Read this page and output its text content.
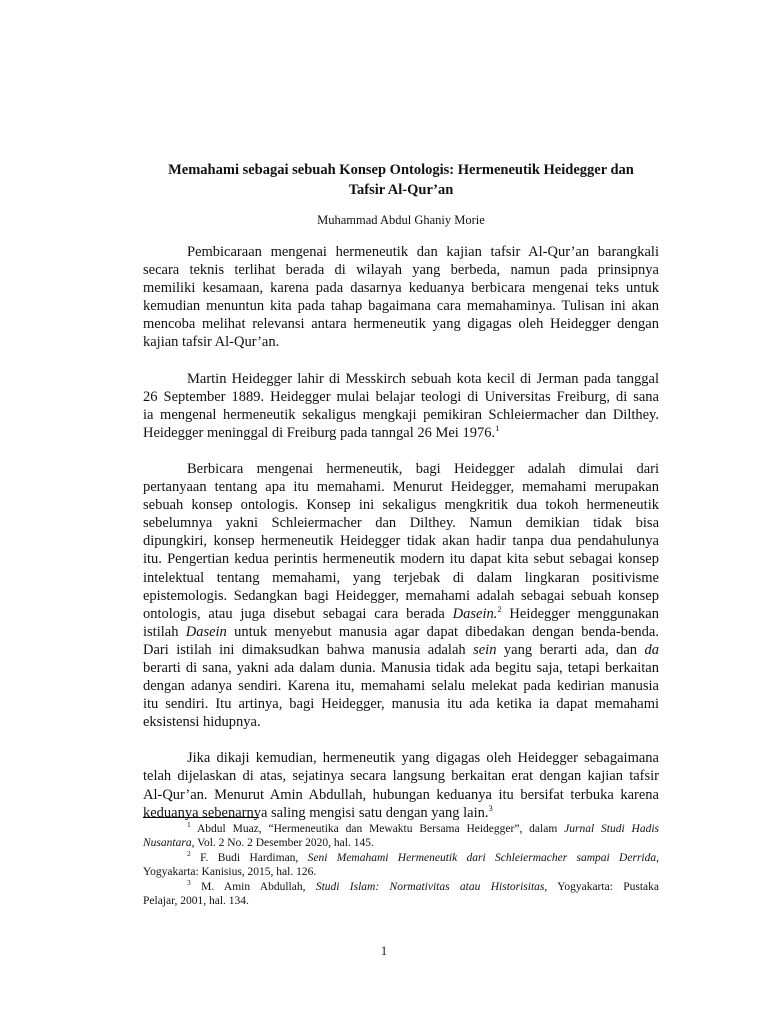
Memahami sebagai sebuah Konsep Ontologis: Hermeneutik Heidegger dan
Tafsir Al-Qur’an
Muhammad Abdul Ghaniy Morie
Pembicaraan mengenai hermeneutik dan kajian tafsir Al-Qur’an barangkali
secara teknis terlihat berada di wilayah yang berbeda, namun pada prinsipnya
memiliki kesamaan, karena pada dasarnya keduanya berbicara mengenai teks untuk
kemudian menuntun kita pada tahap bagaimana cara memahaminya. Tulisan ini akan
mencoba melihat relevansi antara hermeneutik yang digagas oleh Heidegger dengan
kajian tafsir Al-Qur’an.
Martin Heidegger lahir di Messkirch sebuah kota kecil di Jerman pada tanggal
26 September 1889. Heidegger mulai belajar teologi di Universitas Freiburg, di sana
ia mengenal hermeneutik sekaligus mengkaji pemikiran Schleiermacher dan Dilthey.
Heidegger meninggal di Freiburg pada tanngal 26 Mei 1976.$^1$
Berbicara mengenai hermeneutik, bagi Heidegger adalah dimulai dari
pertanyaan tentang apa itu memahami. Menurut Heidegger, memahami merupakan
sebuah konsep ontologis. Konsep ini sekaligus mengkritik dua tokoh hermeneutik
sebelumnya yakni Schleiermacher dan Dilthey. Namun demikian tidak bisa
dipungkiri, konsep hermeneutik Heidegger tidak akan hadir tanpa dua pendahulunya
itu. Pengertian kedua perintis hermeneutik modern itu dapat kita sebut sebagai konsep
intelektual tentang memahami, yang terjebak di dalam lingkaran positivisme
epistemologis. Sedangkan bagi Heidegger, memahami adalah sebagai sebuah konsep
ontologis, atau juga disebut sebagai cara berada Dasein.$^2$ Heidegger menggunakan
istilah Dasein untuk menyebut manusia agar dapat dibedakan dengan benda-benda.
Dari istilah ini dimaksudkan bahwa manusia adalah sein yang berarti ada, dan da
berarti di sana, yakni ada dalam dunia. Manusia tidak ada begitu saja, tetapi berkaitan
dengan adanya sendiri. Karena itu, memahami selalu melekat pada kedirian manusia
itu sendiri. Itu artinya, bagi Heidegger, manusia itu ada ketika ia dapat memahami
eksistensi hidupnya.
Jika dikaji kemudian, hermeneutik yang digagas oleh Heidegger sebagaimana
telah dijelaskan di atas, sejatinya secara langsung berkaitan erat dengan kajian tafsir
Al-Qur’an. Menurut Amin Abdullah, hubungan keduanya itu bersifat terbuka karena
keduanya sebenarnya saling mengisi satu dengan yang lain.$^3$
$^1$ Abdul Muaz, “Hermeneutika dan Mewaktu Bersama Heidegger”, dalam Jurnal Studi Hadis
Nusantara, Vol. 2 No. 2 Desember 2020, hal. 145.
$^2$ F. Budi Hardiman, Seni Memahami Hermeneutik dari Schleiermacher sampai Derrida,
Yogyakarta: Kanisius, 2015, hal. 126.
$^3$ M. Amin Abdullah, Studi Islam: Normativitas atau Historisitas, Yogyakarta: Pustaka
Pelajar, 2001, hal. 134.
1
